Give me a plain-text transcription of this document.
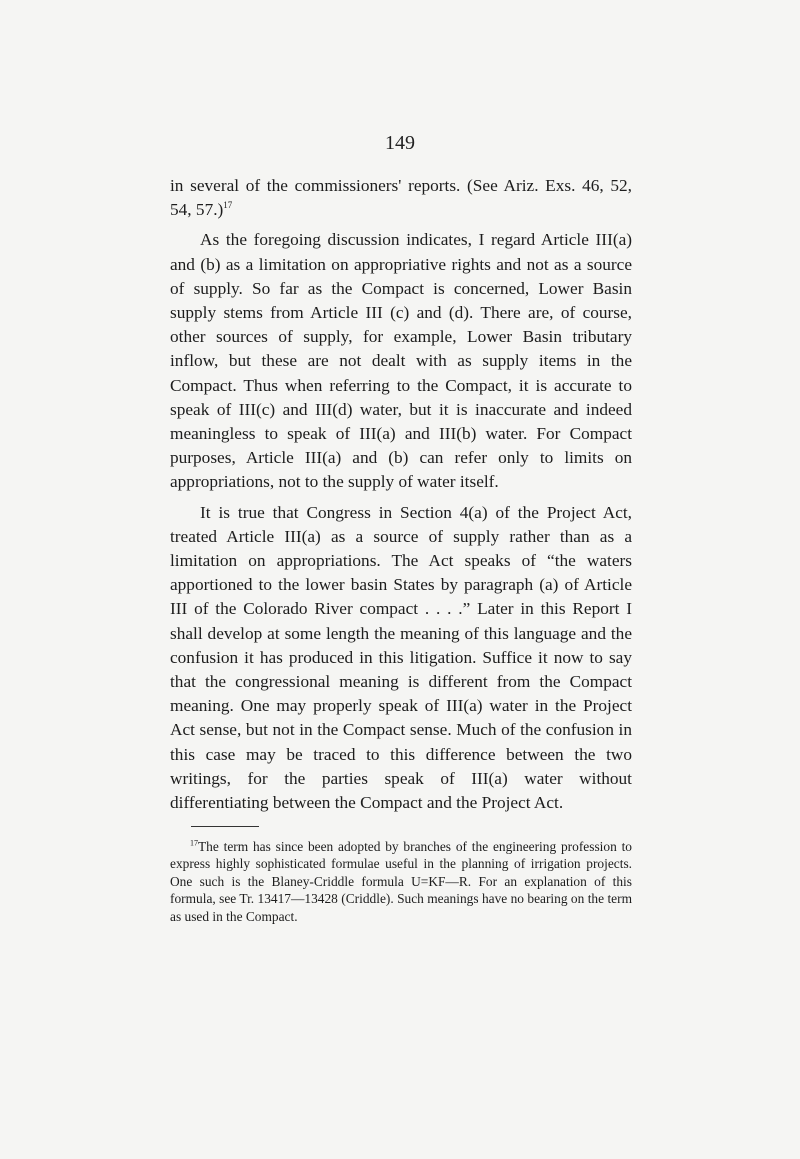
149

in several of the commissioners' reports. (See Ariz. Exs. 46, 52, 54, 57.)$^{17}$

As the foregoing discussion indicates, I regard Article III(a) and (b) as a limitation on appropriative rights and not as a source of supply. So far as the Compact is concerned, Lower Basin supply stems from Article III (c) and (d). There are, of course, other sources of supply, for example, Lower Basin tributary inflow, but these are not dealt with as supply items in the Compact. Thus when referring to the Compact, it is accurate to speak of III(c) and III(d) water, but it is inaccurate and indeed meaningless to speak of III(a) and III(b) water. For Compact purposes, Article III(a) and (b) can refer only to limits on appropriations, not to the supply of water itself.

It is true that Congress in Section 4(a) of the Project Act, treated Article III(a) as a source of supply rather than as a limitation on appropriations. The Act speaks of “the waters apportioned to the lower basin States by paragraph (a) of Article III of the Colorado River compact . . . .” Later in this Report I shall develop at some length the meaning of this language and the confusion it has produced in this litigation. Suffice it now to say that the congressional meaning is different from the Compact meaning. One may properly speak of III(a) water in the Project Act sense, but not in the Compact sense. Much of the confusion in this case may be traced to this difference between the two writings, for the parties speak of III(a) water without differentiating between the Compact and the Project Act.

$^{17}$The term has since been adopted by branches of the engineering profession to express highly sophisticated formulae useful in the planning of irrigation projects. One such is the Blaney-Criddle formula U=KF—R. For an explanation of this formula, see Tr. 13417—13428 (Criddle). Such meanings have no bearing on the term as used in the Compact.
